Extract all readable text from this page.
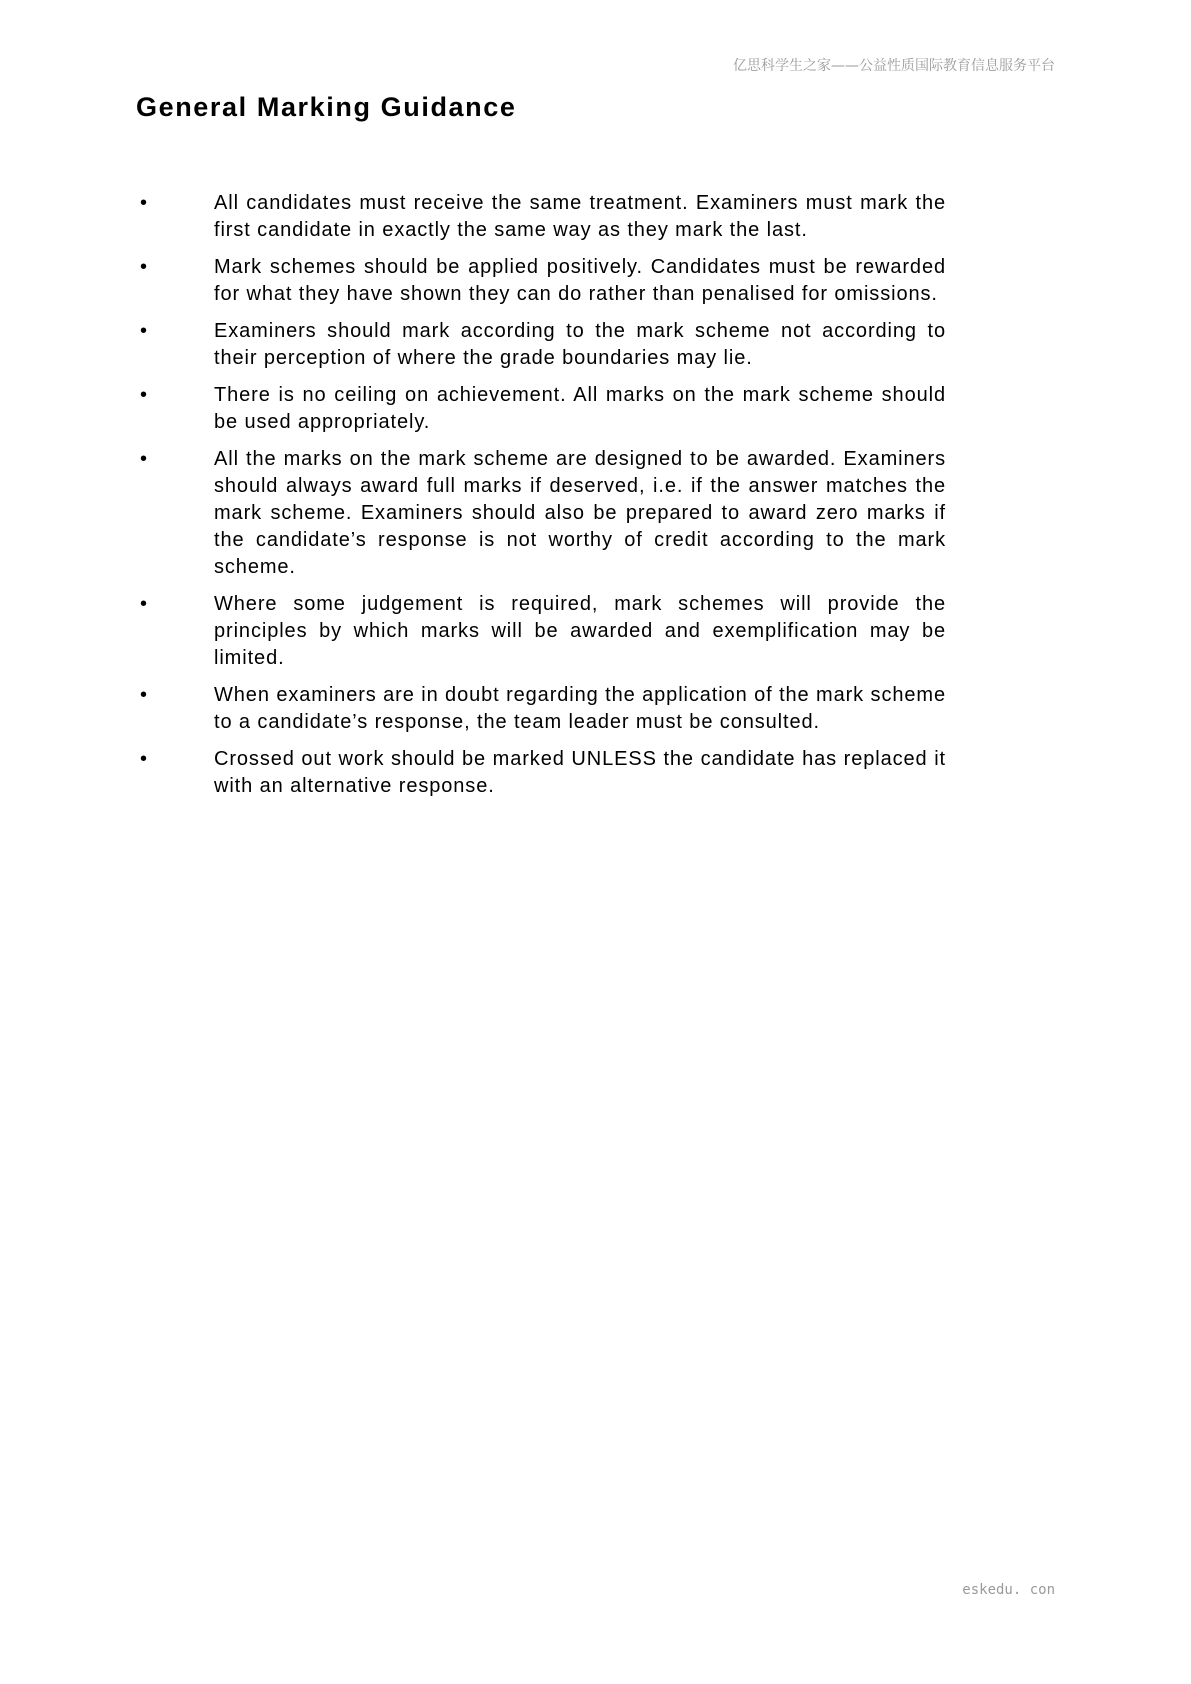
亿思科学生之家——公益性质国际教育信息服务平台
General Marking Guidance
•	All candidates must receive the same treatment. Examiners must mark the first candidate in exactly the same way as they mark the last.
•	Mark schemes should be applied positively. Candidates must be rewarded for what they have shown they can do rather than penalised for omissions.
•	Examiners should mark according to the mark scheme not according to their perception of where the grade boundaries may lie.
•	There is no ceiling on achievement. All marks on the mark scheme should be used appropriately.
•	All the marks on the mark scheme are designed to be awarded. Examiners should always award full marks if deserved, i.e. if the answer matches the mark scheme. Examiners should also be prepared to award zero marks if the candidate’s response is not worthy of credit according to the mark scheme.
•	Where some judgement is required, mark schemes will provide the principles by which marks will be awarded and exemplification may be limited.
•	When examiners are in doubt regarding the application of the mark scheme to a candidate’s response, the team leader must be consulted.
•	Crossed out work should be marked UNLESS the candidate has replaced it with an alternative response.
eskedu. con
